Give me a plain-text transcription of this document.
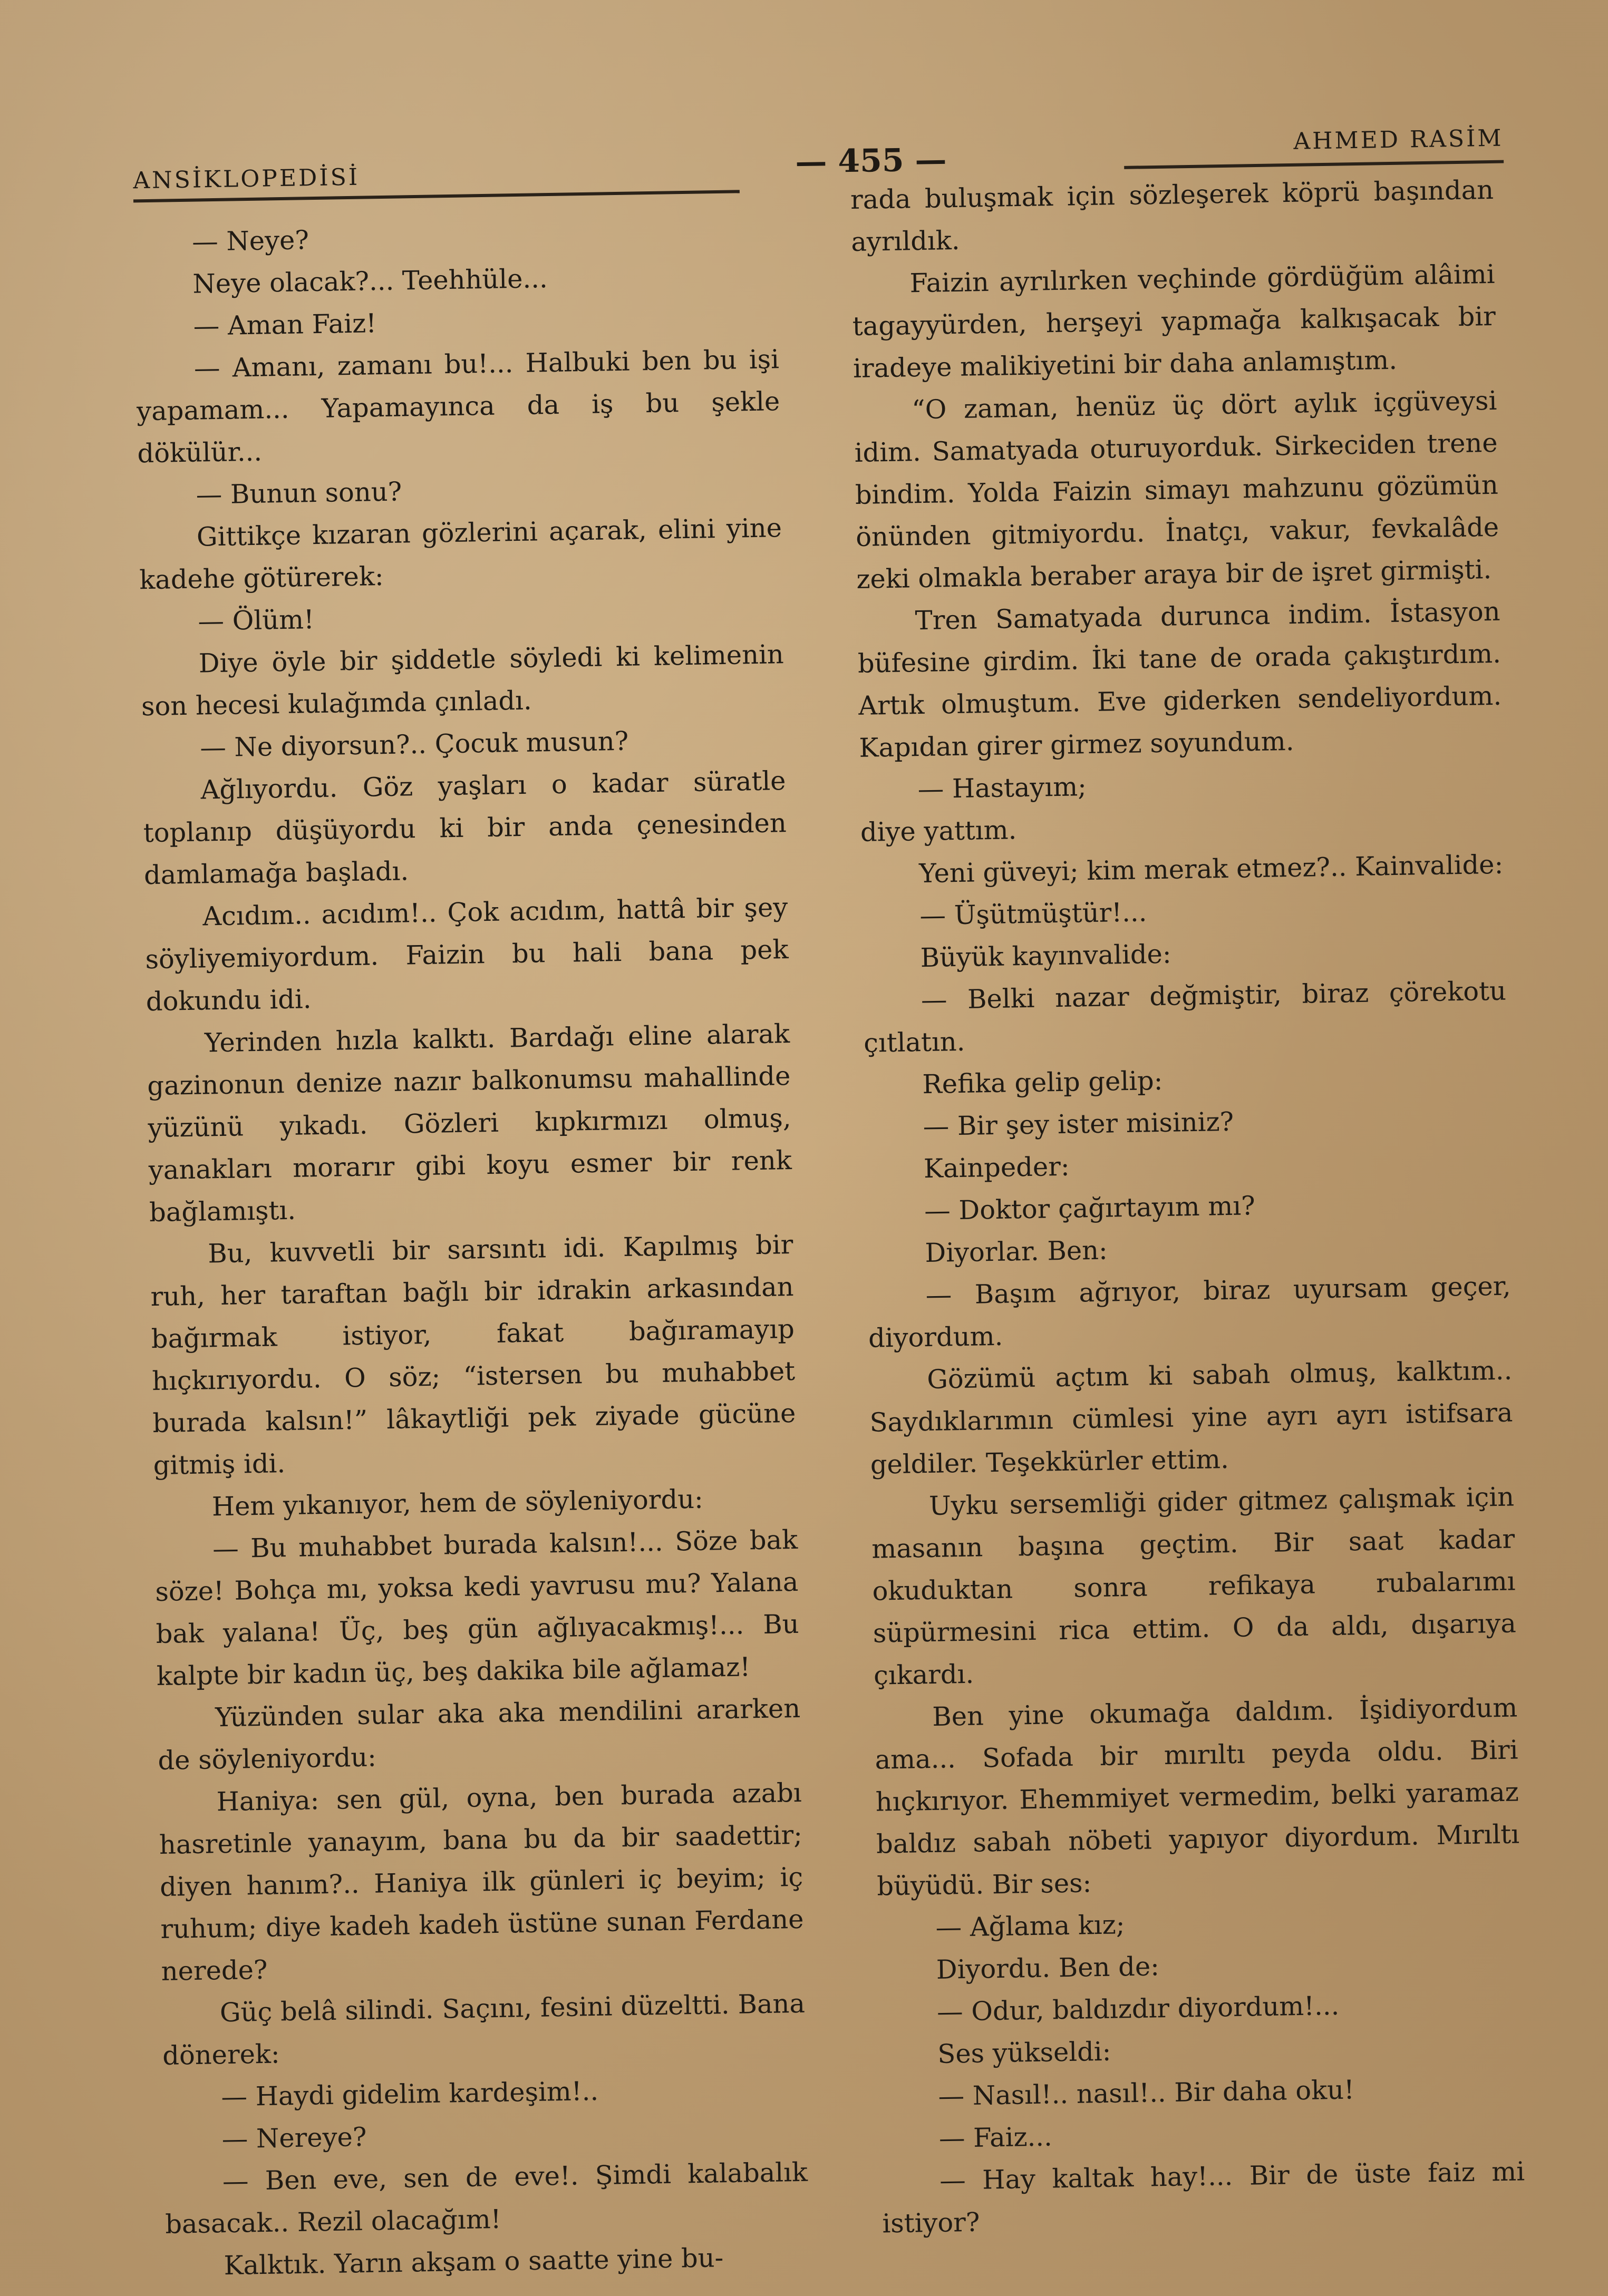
ANSİKLOPEDİSİ	— 455 —
AHMED RASİM

— Neye?

Neye olacak?... Teehhüle...

— Aman Faiz!

— Amanı, zamanı bu!... Halbuki ben bu işi yapamam... Yapamayınca da iş bu şekle dökülür...

— Bunun sonu?

Gittikçe kızaran gözlerini açarak, elini yine kadehe götürerek:

— Ölüm!

Diye öyle bir şiddetle söyledi ki kelimenin son hecesi kulağımda çınladı.

— Ne diyorsun?.. Çocuk musun?

Ağlıyordu. Göz yaşları o kadar süratle toplanıp düşüyordu ki bir anda çenesinden damlamağa başladı.

Acıdım.. acıdım!.. Çok acıdım, hattâ bir şey söyliyemiyordum. Faizin bu hali bana pek dokundu idi.

Yerinden hızla kalktı. Bardağı eline alarak gazinonun denize nazır balkonumsu mahallinde yüzünü yıkadı. Gözleri kıpkırmızı olmuş, yanakları morarır gibi koyu esmer bir renk bağlamıştı.

Bu, kuvvetli bir sarsıntı idi. Kapılmış bir ruh, her taraftan bağlı bir idrakin arkasından bağırmak istiyor, fakat bağıramayıp hıçkırıyordu. O söz; “istersen bu muhabbet burada kalsın!” lâkaytliği pek ziyade gücüne gitmiş idi.

Hem yıkanıyor, hem de söyleniyordu:

— Bu muhabbet burada kalsın!... Söze bak söze! Bohça mı, yoksa kedi yavrusu mu? Yalana bak yalana! Üç, beş gün ağlıyacakmış!... Bu kalpte bir kadın üç, beş dakika bile ağlamaz!

Yüzünden sular aka aka mendilini ararken de söyleniyordu:

Haniya: sen gül, oyna, ben burada azabı hasretinle yanayım, bana bu da bir saadettir; diyen hanım?.. Haniya ilk günleri iç beyim; iç ruhum; diye kadeh kadeh üstüne sunan Ferdane nerede?

Güç belâ silindi. Saçını, fesini düzeltti. Bana dönerek:

— Haydi gidelim kardeşim!..

— Nereye?

— Ben eve, sen de eve!. Şimdi kalabalık basacak.. Rezil olacağım!

Kalktık. Yarın akşam o saatte yine bu-

rada buluşmak için sözleşerek köprü başından ayrıldık.

Faizin ayrılırken veçhinde gördüğüm alâimi tagayyürden, herşeyi yapmağa kalkışacak bir iradeye malikiyetini bir daha anlamıştım.

“O zaman, henüz üç dört aylık içgüveysi idim. Samatyada oturuyorduk. Sirkeciden trene bindim. Yolda Faizin simayı mahzunu gözümün önünden gitmiyordu. İnatçı, vakur, fevkalâde zeki olmakla beraber araya bir de işret girmişti.

Tren Samatyada durunca indim. İstasyon büfesine girdim. İki tane de orada çakıştırdım. Artık olmuştum. Eve giderken sendeliyordum. Kapıdan girer girmez soyundum.

— Hastayım;

diye yattım.

Yeni güveyi; kim merak etmez?.. Kainvalide:

— Üşütmüştür!...

Büyük kayınvalide:

— Belki nazar değmiştir, biraz çörekotu çıtlatın.

Refika gelip gelip:

— Bir şey ister misiniz?

Kainpeder:

— Doktor çağırtayım mı?

Diyorlar. Ben:

— Başım ağrıyor, biraz uyursam geçer, diyordum.

Gözümü açtım ki sabah olmuş, kalktım.. Saydıklarımın cümlesi yine ayrı ayrı istifsara geldiler. Teşekkürler ettim.

Uyku sersemliği gider gitmez çalışmak için masanın başına geçtim. Bir saat kadar okuduktan sonra refikaya rubalarımı süpürmesini rica ettim. O da aldı, dışarıya çıkardı.

Ben yine okumağa daldım. İşidiyordum ama... Sofada bir mırıltı peyda oldu. Biri hıçkırıyor. Ehemmiyet vermedim, belki yaramaz baldız sabah nöbeti yapıyor diyordum. Mırıltı büyüdü. Bir ses:

— Ağlama kız;

Diyordu. Ben de:

— Odur, baldızdır diyordum!...

Ses yükseldi:

— Nasıl!.. nasıl!.. Bir daha oku!

— Faiz...

— Hay kaltak hay!... Bir de üste faiz mi istiyor?
